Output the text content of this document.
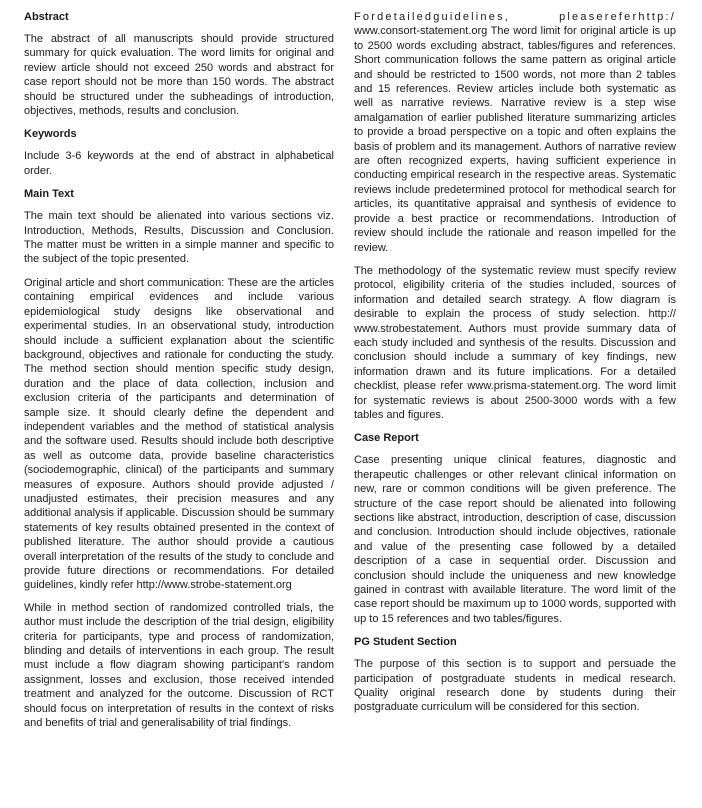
Abstract

The abstract of all manuscripts should provide structured summary for quick evaluation. The word limits for original and review article should not exceed 250 words and abstract for case report should not be more than 150 words. The abstract should be structured under the subheadings of introduction, objectives, methods, results and conclusion.

Keywords

Include 3-6 keywords at the end of abstract in alphabetical order.

Main Text

The main text should be alienated into various sections viz. Introduction, Methods, Results, Discussion and Conclusion. The matter must be written in a simple manner and specific to the subject of the topic presented.

Original article and short communication: These are the articles containing empirical evidences and include various epidemiological study designs like observational and experimental studies. In an observational study, introduction should include a sufficient explanation about the scientific background, objectives and rationale for conducting the study. The method section should mention specific study design, duration and the place of data collection, inclusion and exclusion criteria of the participants and determination of sample size. It should clearly define the dependent and independent variables and the method of statistical analysis and the software used. Results should include both descriptive as well as outcome data, provide baseline characteristics (sociodemographic, clinical) of the participants and summary measures of exposure. Authors should provide adjusted / unadjusted estimates, their precision measures and any additional analysis if applicable. Discussion should be summary statements of key results obtained presented in the context of published literature. The author should provide a cautious overall interpretation of the results of the study to conclude and provide future directions or recommendations. For detailed guidelines, kindly refer http://www.strobe-statement.org

While in method section of randomized controlled trials, the author must include the description of the trial design, eligibility criteria for participants, type and process of randomization, blinding and details of interventions in each group. The result must include a flow diagram showing participant's random assignment, losses and exclusion, those received intended treatment and analyzed for the outcome. Discussion of RCT should focus on interpretation of results in the context of risks and benefits of trial and generalisability of trial findings.

Fordetailedguidelines, pleasereferhttp:/ www.consort-statement.org The word limit for original article is up to 2500 words excluding abstract, tables/figures and references. Short communication follows the same pattern as original article and should be restricted to 1500 words, not more than 2 tables and 15 references. Review articles include both systematic as well as narrative reviews. Narrative review is a step wise amalgamation of earlier published literature summarizing articles to provide a broad perspective on a topic and often explains the basis of problem and its management. Authors of narrative review are often recognized experts, having sufficient experience in conducting empirical research in the respective areas. Systematic reviews include predetermined protocol for methodical search for articles, its quantitative appraisal and synthesis of evidence to provide a best practice or recommendations. Introduction of review should include the rationale and reason impelled for the review.

The methodology of the systematic review must specify review protocol, eligibility criteria of the studies included, sources of information and detailed search strategy. A flow diagram is desirable to explain the process of study selection. http:// www.strobestatement. Authors must provide summary data of each study included and synthesis of the results. Discussion and conclusion should include a summary of key findings, new information drawn and its future implications. For a detailed checklist, please refer www.prisma-statement.org. The word limit for systematic reviews is about 2500-3000 words with a few tables and figures.

Case Report

Case presenting unique clinical features, diagnostic and therapeutic challenges or other relevant clinical information on new, rare or common conditions will be given preference. The structure of the case report should be alienated into following sections like abstract, introduction, description of case, discussion and conclusion. Introduction should include objectives, rationale and value of the presenting case followed by a detailed description of a case in sequential order. Discussion and conclusion should include the uniqueness and new knowledge gained in contrast with available literature. The word limit of the case report should be maximum up to 1000 words, supported with up to 15 references and two tables/figures.

PG Student Section

The purpose of this section is to support and persuade the participation of postgraduate students in medical research. Quality original research done by students during their postgraduate curriculum will be considered for this section.
